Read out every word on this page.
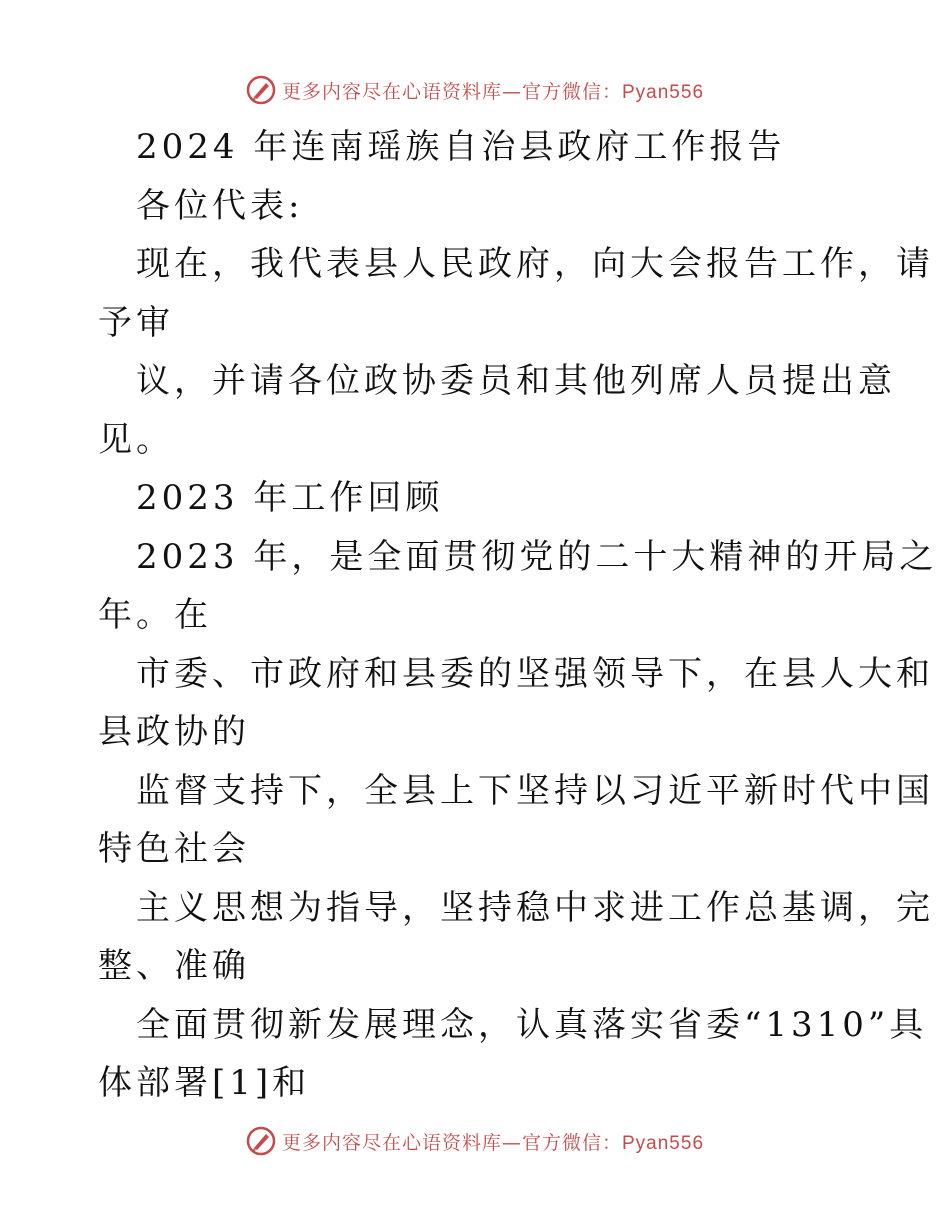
更多内容尽在心语资料库—官方微信：Pyan556
2024 年连南瑶族自治县政府工作报告
各位代表:
现在，我代表县人民政府，向大会报告工作，请
予审
议，并请各位政协委员和其他列席人员提出意
见。
2023 年工作回顾
2023 年，是全面贯彻党的二十大精神的开局之
年。在
市委、市政府和县委的坚强领导下，在县人大和
县政协的
监督支持下，全县上下坚持以习近平新时代中国
特色社会
主义思想为指导，坚持稳中求进工作总基调，完
整、准确
全面贯彻新发展理念，认真落实省委“1310”具
体部署[1]和
更多内容尽在心语资料库—官方微信：Pyan556
